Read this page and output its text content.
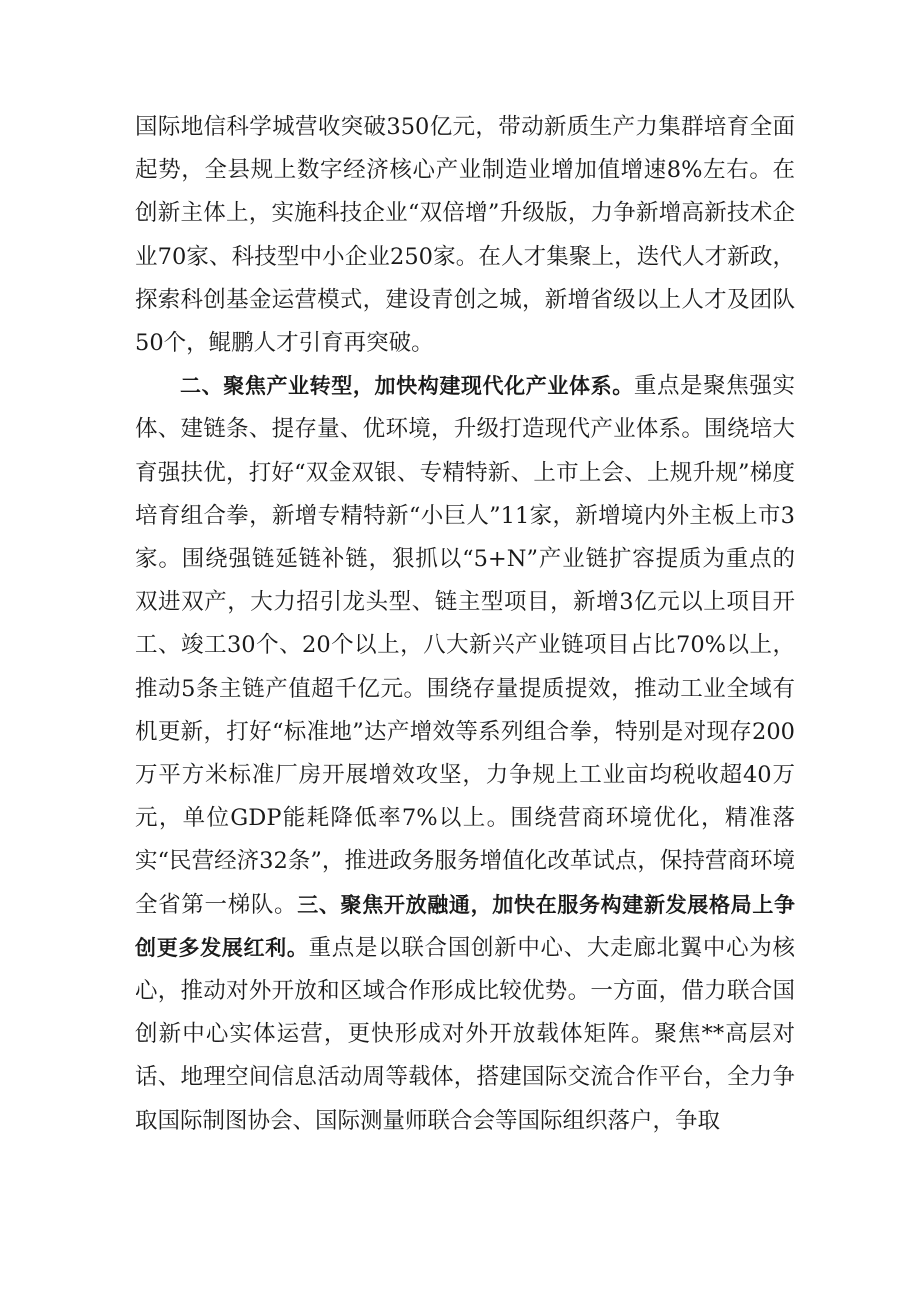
国际地信科学城营收突破350亿元，带动新质生产力集群培育全面起势，全县规上数字经济核心产业制造业增加值增速8%左右。在创新主体上，实施科技企业“双倍增”升级版，力争新增高新技术企业70家、科技型中小企业250家。在人才集聚上，迭代人才新政，探索科创基金运营模式，建设青创之城，新增省级以上人才及团队50个，鲲鹏人才引育再突破。

二、聚焦产业转型，加快构建现代化产业体系。重点是聚焦强实体、建链条、提存量、优环境，升级打造现代产业体系。围绕培大育强扶优，打好“双金双银、专精特新、上市上会、上规升规”梯度培育组合拳，新增专精特新“小巨人”11家，新增境内外主板上市3家。围绕强链延链补链，狠抓以“5+N”产业链扩容提质为重点的双进双产，大力招引龙头型、链主型项目，新增3亿元以上项目开工、竣工30个、20个以上，八大新兴产业链项目占比70%以上，推动5条主链产值超千亿元。围绕存量提质提效，推动工业全域有机更新，打好“标准地”达产增效等系列组合拳，特别是对现存200万平方米标准厂房开展增效攻坚，力争规上工业亩均税收超40万元，单位GDP能耗降低率7%以上。围绕营商环境优化，精准落实“民营经济32条”，推进政务服务增值化改革试点，保持营商环境全省第一梯队。三、聚焦开放融通，加快在服务构建新发展格局上争创更多发展红利。重点是以联合国创新中心、大走廊北翼中心为核心，推动对外开放和区域合作形成比较优势。一方面，借力联合国创新中心实体运营，更快形成对外开放载体矩阵。聚焦**高层对话、地理空间信息活动周等载体，搭建国际交流合作平台，全力争取国际制图协会、国际测量师联合会等国际组织落户，争取
